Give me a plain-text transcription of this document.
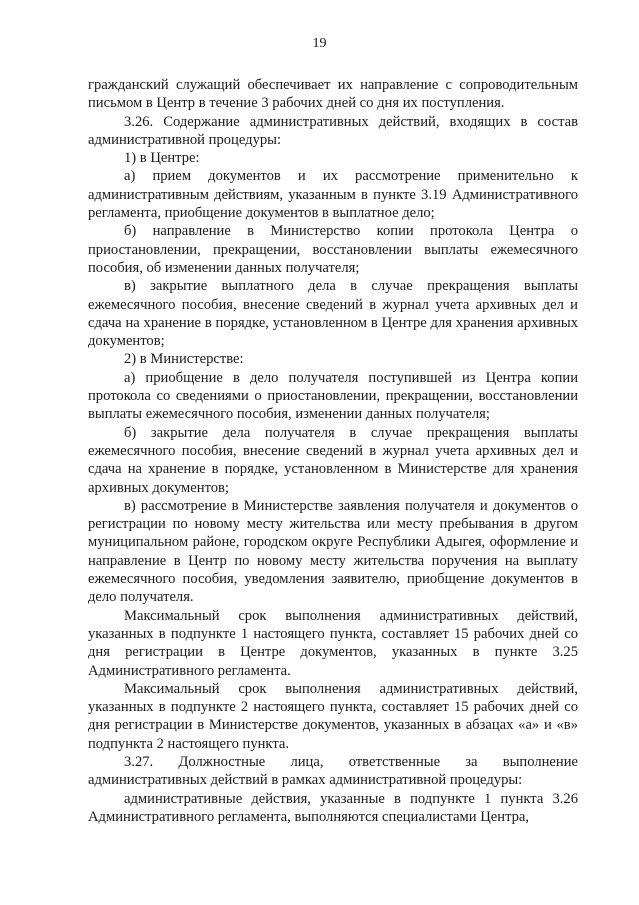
19

гражданский служащий обеспечивает их направление с сопроводительным письмом в Центр в течение 3 рабочих дней со дня их поступления.

3.26. Содержание административных действий, входящих в состав административной процедуры:

1) в Центре:

а) прием документов и их рассмотрение применительно к административным действиям, указанным в пункте 3.19 Административного регламента, приобщение документов в выплатное дело;

б) направление в Министерство копии протокола Центра о приостановлении, прекращении, восстановлении выплаты ежемесячного пособия, об изменении данных получателя;

в) закрытие выплатного дела в случае прекращения выплаты ежемесячного пособия, внесение сведений в журнал учета архивных дел и сдача на хранение в порядке, установленном в Центре для хранения архивных документов;

2) в Министерстве:

а) приобщение в дело получателя поступившей из Центра копии протокола со сведениями о приостановлении, прекращении, восстановлении выплаты ежемесячного пособия, изменении данных получателя;

б) закрытие дела получателя в случае прекращения выплаты ежемесячного пособия, внесение сведений в журнал учета архивных дел и сдача на хранение в порядке, установленном в Министерстве для хранения архивных документов;

в) рассмотрение в Министерстве заявления получателя и документов о регистрации по новому месту жительства или месту пребывания в другом муниципальном районе, городском округе Республики Адыгея, оформление и направление в Центр по новому месту жительства поручения на выплату ежемесячного пособия, уведомления заявителю, приобщение документов в дело получателя.

Максимальный срок выполнения административных действий, указанных в подпункте 1 настоящего пункта, составляет 15 рабочих дней со дня регистрации в Центре документов, указанных в пункте 3.25 Административного регламента.

Максимальный срок выполнения административных действий, указанных в подпункте 2 настоящего пункта, составляет 15 рабочих дней со дня регистрации в Министерстве документов, указанных в абзацах «а» и «в» подпункта 2 настоящего пункта.

3.27. Должностные лица, ответственные за выполнение административных действий в рамках административной процедуры:

административные действия, указанные в подпункте 1 пункта 3.26 Административного регламента, выполняются специалистами Центра,
